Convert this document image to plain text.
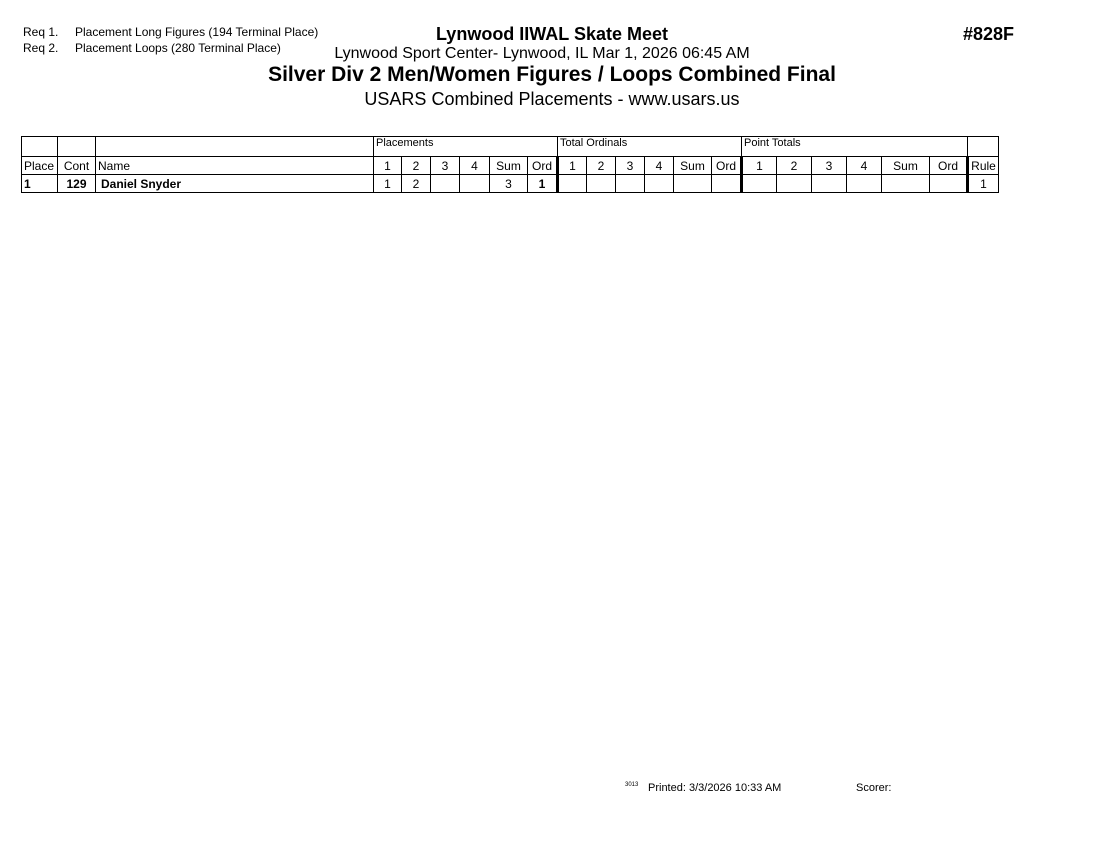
Req 1. Placement Long Figures (194 Terminal Place)
Req 2. Placement Loops (280 Terminal Place)
Lynwood IIWAL Skate Meet
Lynwood Sport Center- Lynwood, IL Mar 1, 2026 06:45 AM
Silver Div 2 Men/Women Figures / Loops Combined Final
USARS Combined Placements - www.usars.us
#828F
			Placements						Total Ordinals						Point Totals						
Place	Cont	Name	1	2	3	4	Sum	Ord	1	2	3	4	Sum	Ord	1	2	3	4	Sum	Ord	Rule
1	129	Daniel Snyder	1	2			3	1													1
3013 Printed: 3/3/2026 10:33 AM	Scorer:
